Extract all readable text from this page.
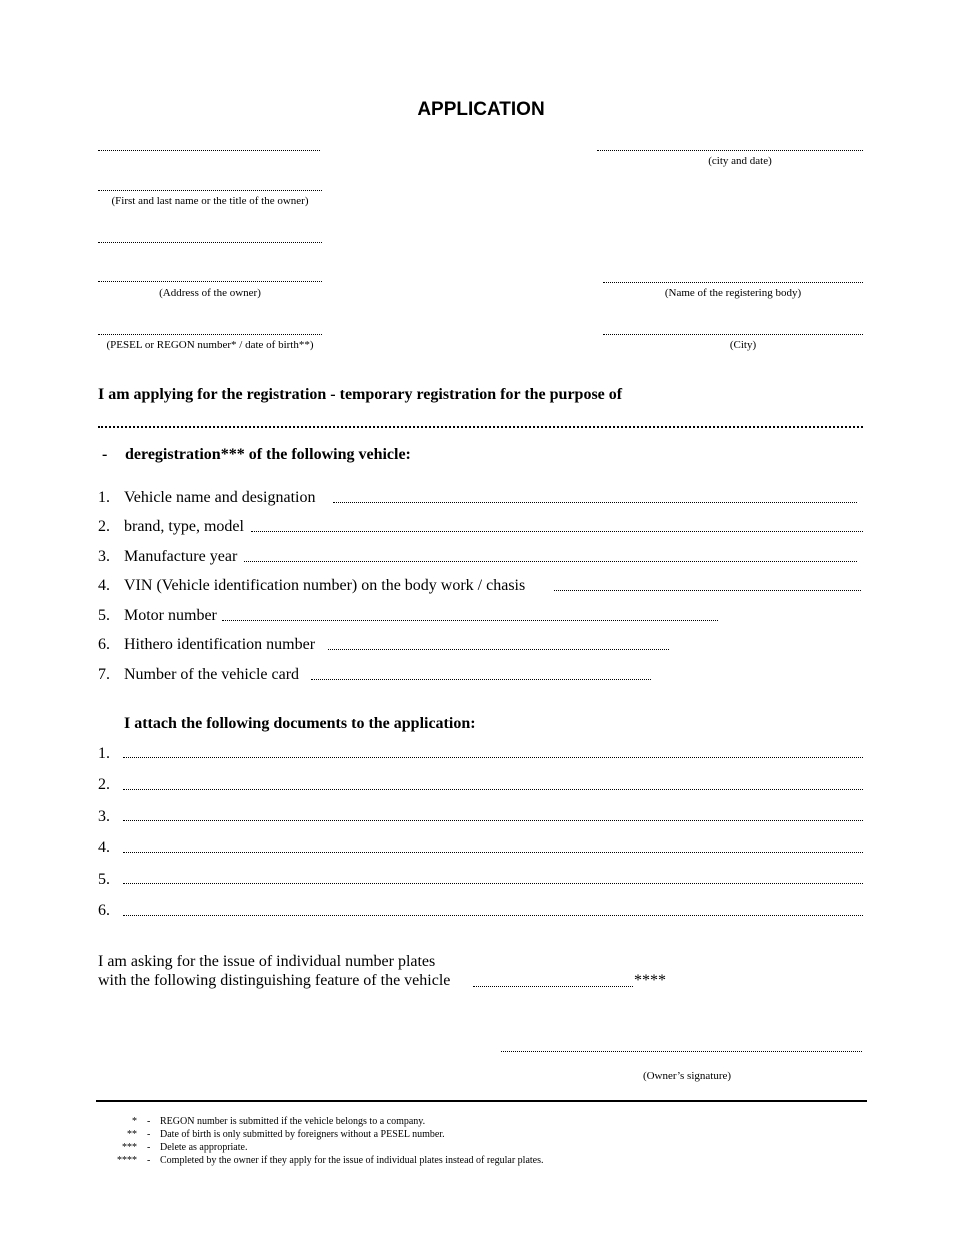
APPLICATION
(First and last name or the title of the owner)
(Address of the owner)
(PESEL or REGON number* / date of birth**)
(city and date)
(Name of the registering body)
(City)
I am applying for the registration - temporary registration for the purpose of
- deregistration*** of the following vehicle:
1. Vehicle name and designation
2. brand, type, model
3. Manufacture year
4. VIN (Vehicle identification number) on the body work / chasis
5. Motor number
6. Hithero identification number
7. Number of the vehicle card
I attach the following documents to the application:
1.
2.
3.
4.
5.
6.
I am asking for the issue of individual number plates
with the following distinguishing feature of the vehicle	****
(Owner’s signature)
* - REGON number is submitted if the vehicle belongs to a company.
** - Date of birth is only submitted by foreigners without a PESEL number.
*** - Delete as appropriate.
**** - Completed by the owner if they apply for the issue of individual plates instead of regular plates.
